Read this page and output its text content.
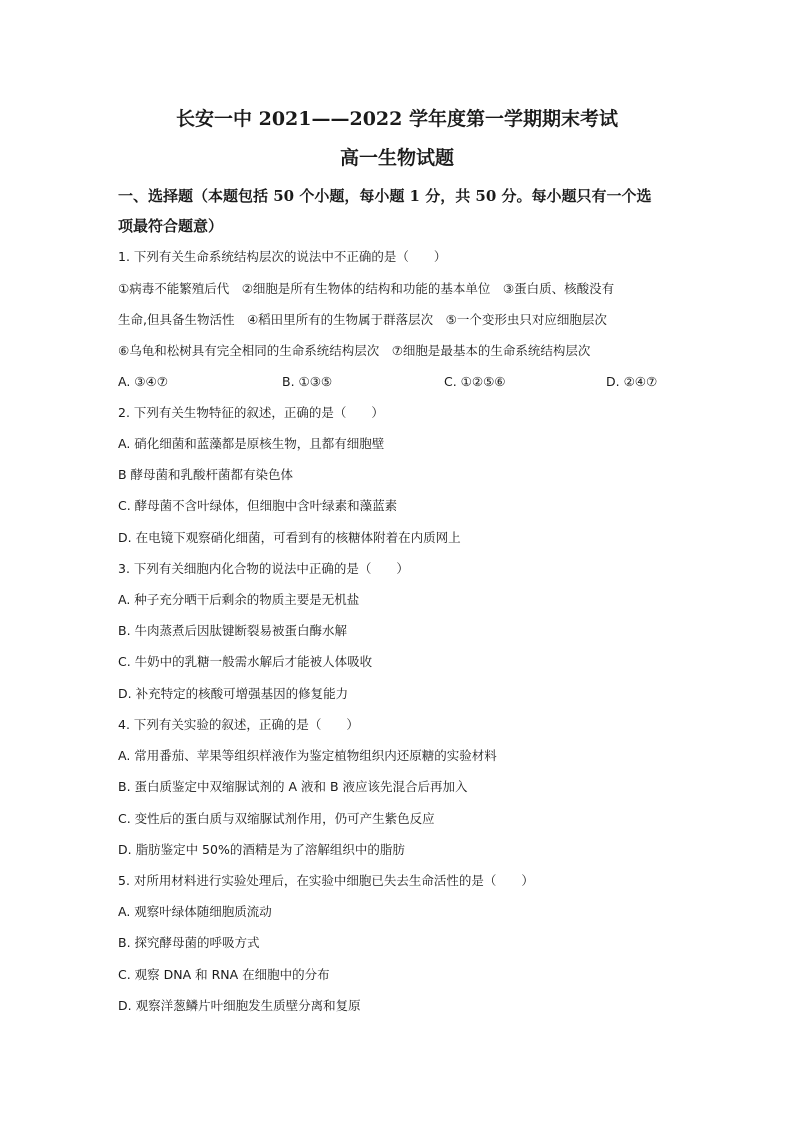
长安一中 2021——2022 学年度第一学期期末考试
高一生物试题
一、选择题（本题包括 50 个小题，每小题 1 分，共 50 分。每小题只有一个选
项最符合题意）

1. 下列有关生命系统结构层次的说法中不正确的是（　　）

①病毒不能繁殖后代　②细胞是所有生物体的结构和功能的基本单位　③蛋白质、核酸没有

生命,但具备生物活性　④稻田里所有的生物属于群落层次　⑤一个变形虫只对应细胞层次

⑥乌龟和松树具有完全相同的生命系统结构层次　⑦细胞是最基本的生命系统结构层次

A. ③④⑦	B. ①③⑤	C. ①②⑤⑥	D. ②④⑦

2. 下列有关生物特征的叙述，正确的是（　　）

A. 硝化细菌和蓝藻都是原核生物，且都有细胞壁

B 酵母菌和乳酸杆菌都有染色体

C. 酵母菌不含叶绿体，但细胞中含叶绿素和藻蓝素

D. 在电镜下观察硝化细菌，可看到有的核糖体附着在内质网上

3. 下列有关细胞内化合物的说法中正确的是（　　）

A. 种子充分晒干后剩余的物质主要是无机盐

B. 牛肉蒸煮后因肽键断裂易被蛋白酶水解

C. 牛奶中的乳糖一般需水解后才能被人体吸收

D. 补充特定的核酸可增强基因的修复能力

4. 下列有关实验的叙述，正确的是（　　）

A. 常用番茄、苹果等组织样液作为鉴定植物组织内还原糖的实验材料

B. 蛋白质鉴定中双缩脲试剂的 A 液和 B 液应该先混合后再加入

C. 变性后的蛋白质与双缩脲试剂作用，仍可产生紫色反应

D. 脂肪鉴定中 50%的酒精是为了溶解组织中的脂肪

5. 对所用材料进行实验处理后，在实验中细胞已失去生命活性的是（　　）

A. 观察叶绿体随细胞质流动

B. 探究酵母菌的呼吸方式

C. 观察 DNA 和 RNA 在细胞中的分布

D. 观察洋葱鳞片叶细胞发生质壁分离和复原
